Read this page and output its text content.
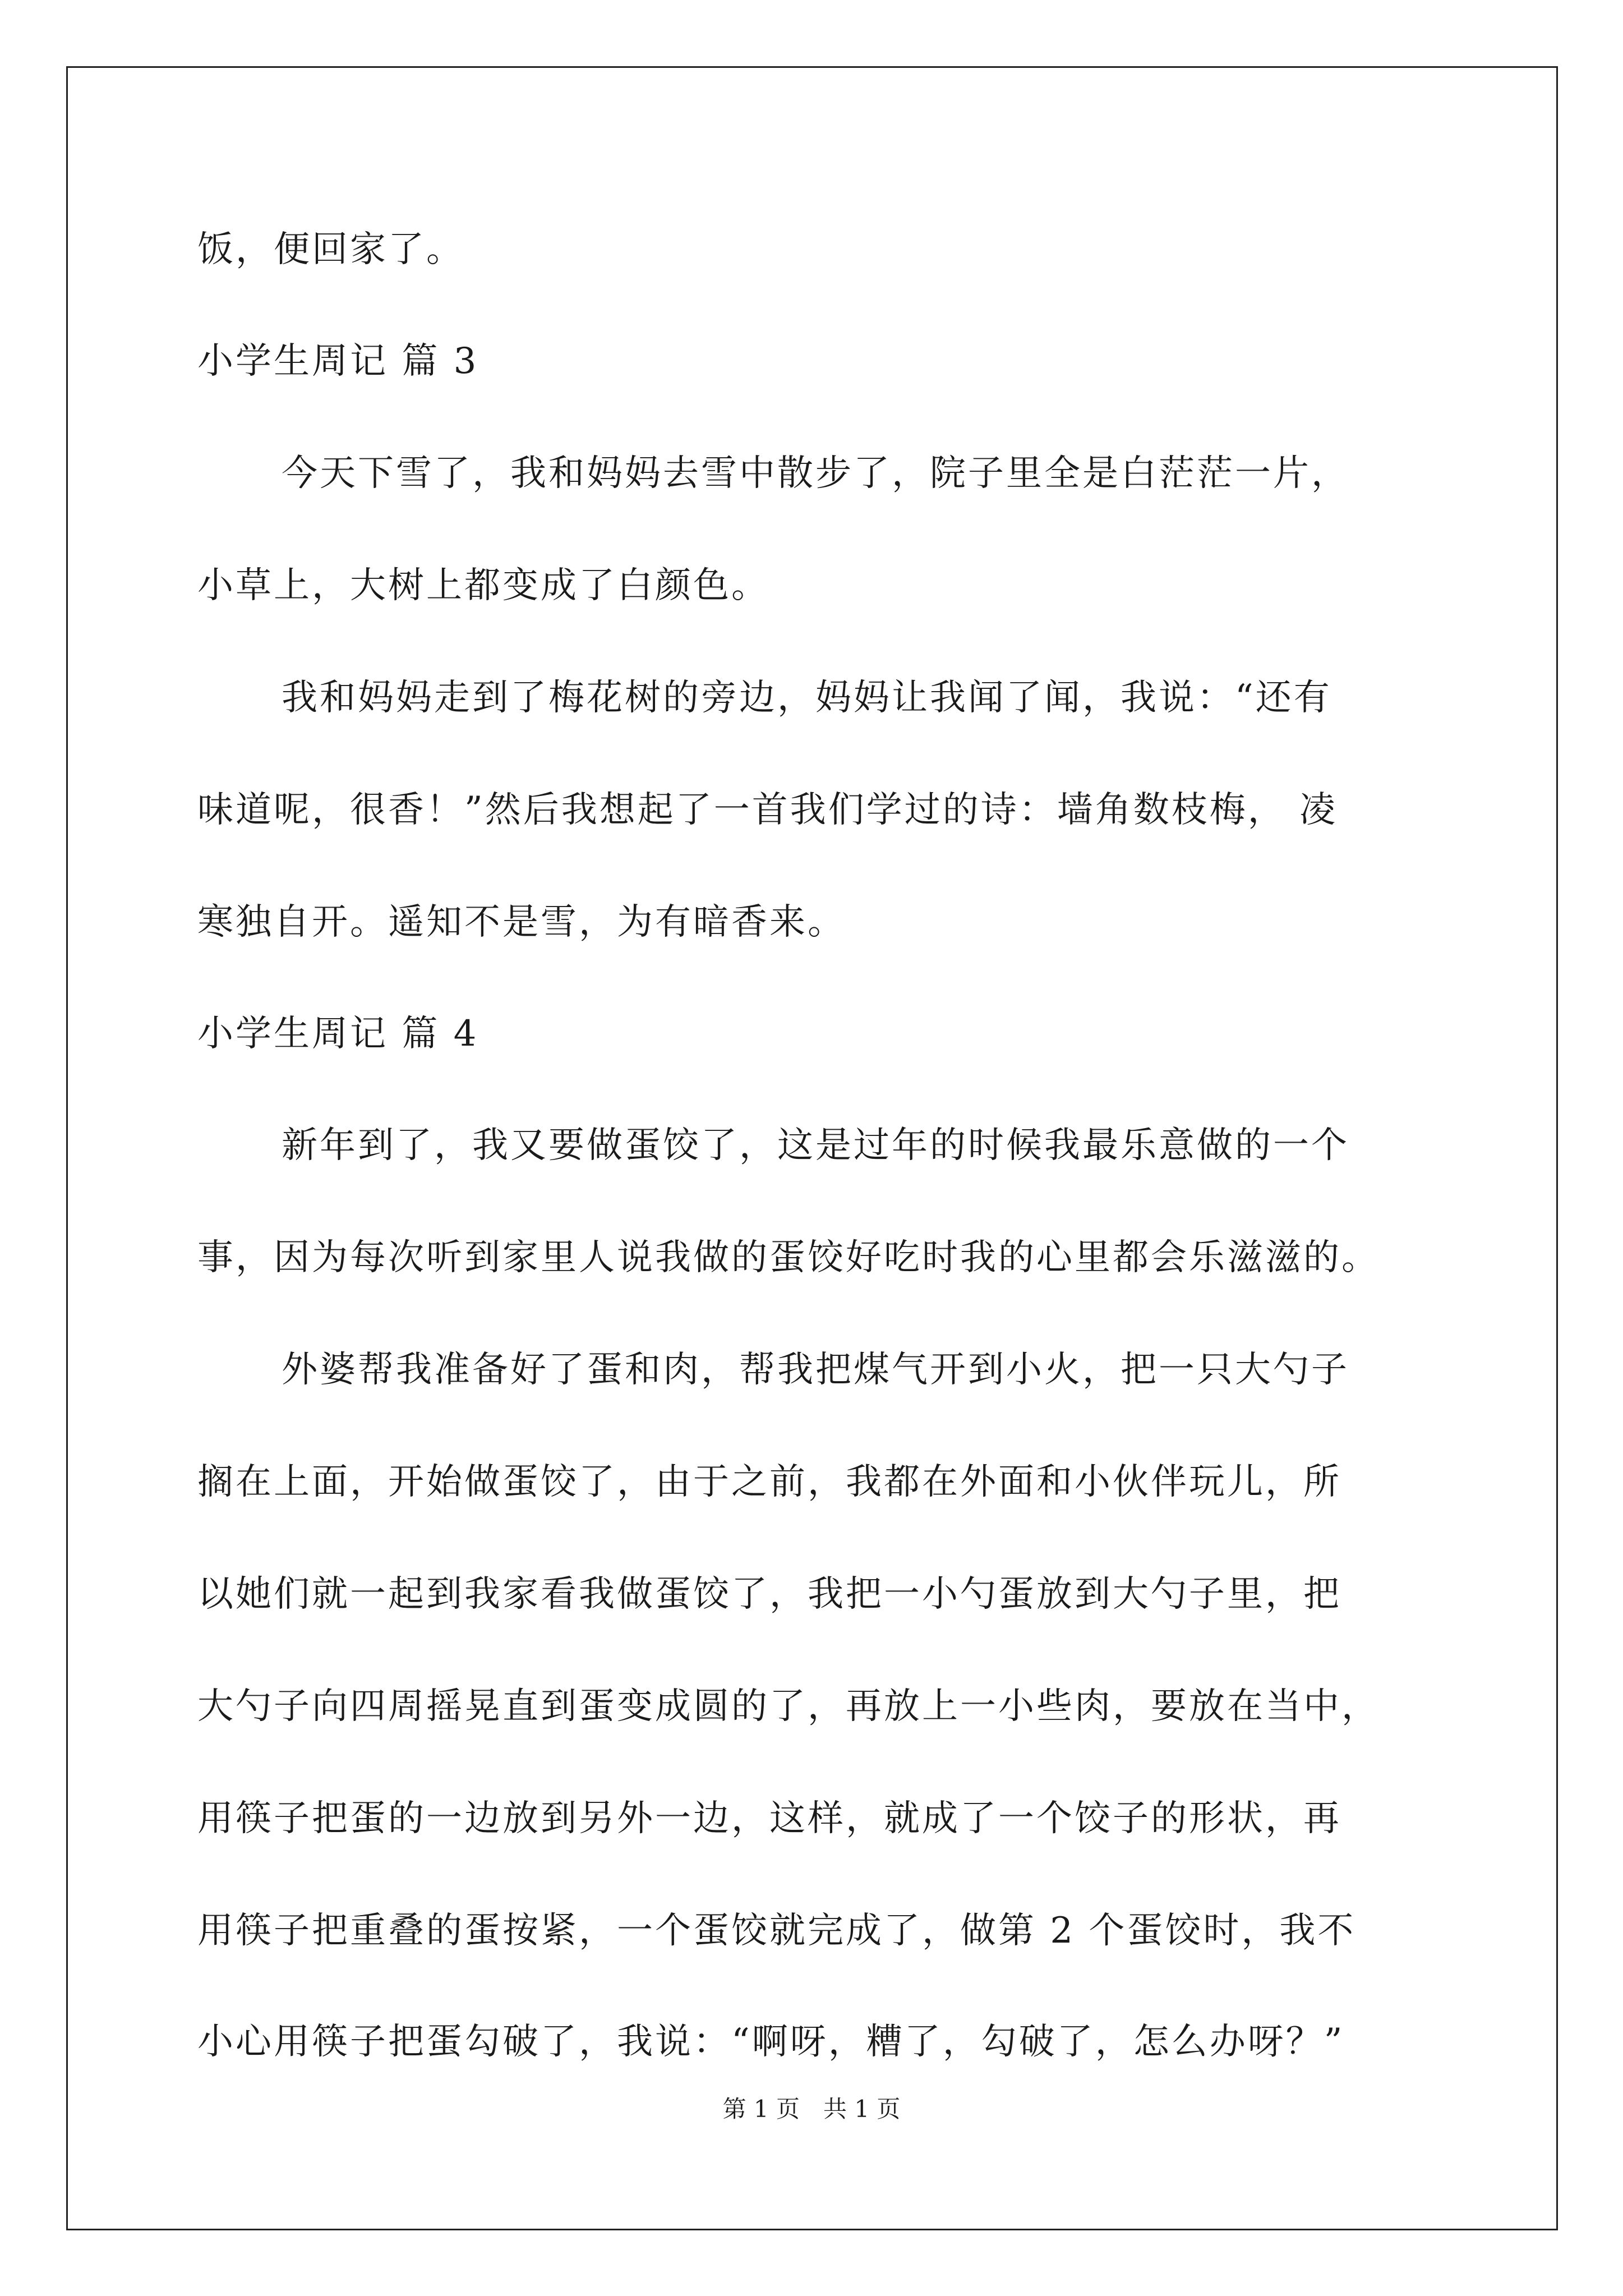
饭，便回家了。
小学生周记 篇 3
今天下雪了，我和妈妈去雪中散步了，院子里全是白茫茫一片，
小草上，大树上都变成了白颜色。
我和妈妈走到了梅花树的旁边，妈妈让我闻了闻，我说：“还有
味道呢，很香！”然后我想起了一首我们学过的诗：墙角数枝梅， 凌
寒独自开。遥知不是雪，为有暗香来。
小学生周记 篇 4
新年到了，我又要做蛋饺了，这是过年的时候我最乐意做的一个
事，因为每次听到家里人说我做的蛋饺好吃时我的心里都会乐滋滋的。
外婆帮我准备好了蛋和肉，帮我把煤气开到小火，把一只大勺子
搁在上面，开始做蛋饺了，由于之前，我都在外面和小伙伴玩儿，所
以她们就一起到我家看我做蛋饺了，我把一小勺蛋放到大勺子里，把
大勺子向四周摇晃直到蛋变成圆的了，再放上一小些肉，要放在当中，
用筷子把蛋的一边放到另外一边，这样，就成了一个饺子的形状，再
用筷子把重叠的蛋按紧，一个蛋饺就完成了，做第 2 个蛋饺时，我不
小心用筷子把蛋勾破了，我说：“啊呀，糟了，勾破了，怎么办呀？”
第 1 页　共 1 页
